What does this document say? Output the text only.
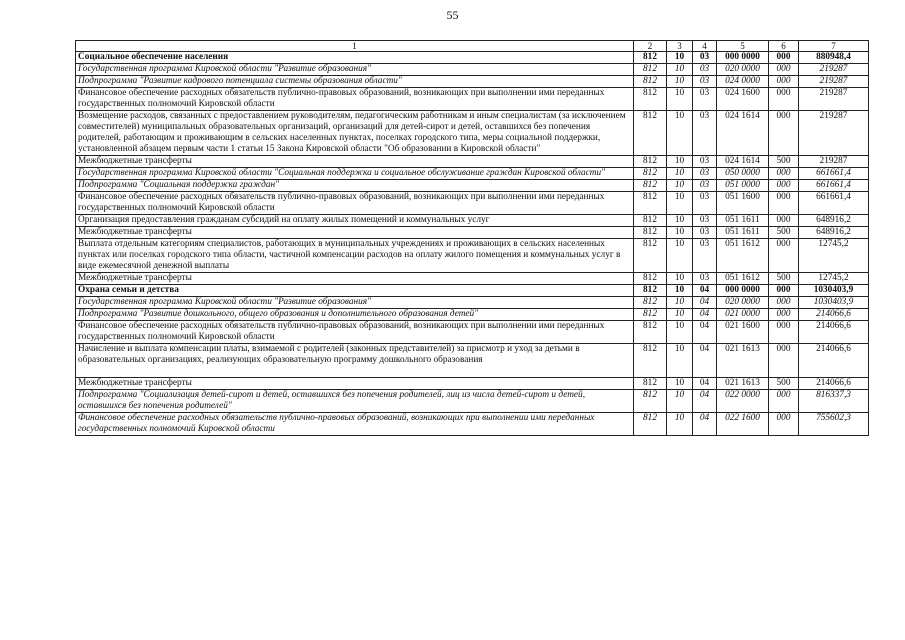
55
1	2	3	4	5	6	7
Социальное обеспечение населения	812	10	03	000 0000	000	880948,4
Государственная программа Кировской области "Развитие образования"	812	10	03	020 0000	000	219287
Подпрограмма "Развитие кадрового потенциала системы образования области"	812	10	03	024 0000	000	219287
Финансовое обеспечение расходных обязательств публично-правовых образований, возникающих при выполнении ими переданных государственных полномочий Кировской области	812	10	03	024 1600	000	219287
Возмещение расходов, связанных с предоставлением руководителям, педагогическим работникам и иным специалистам (за исключением совместителей) муниципальных образовательных организаций, организаций для детей-сирот и детей, оставшихся без попечения родителей, работающим и проживающим в сельских населенных пунктах, поселках городского типа, меры социальной поддержки, установленной абзацем первым части 1 статьи 15 Закона Кировской области "Об образовании в Кировской области"	812	10	03	024 1614	000	219287
Межбюджетные трансферты	812	10	03	024 1614	500	219287
Государственная программа Кировской области "Социальная поддержка и социальное обслуживание граждан Кировской области"	812	10	03	050 0000	000	661661,4
Подпрограмма "Социальная поддержка граждан"	812	10	03	051 0000	000	661661,4
Финансовое обеспечение расходных обязательств публично-правовых образований, возникающих при выполнении ими переданных государственных полномочий Кировской области	812	10	03	051 1600	000	661661,4
Организация предоставления гражданам субсидий на оплату жилых помещений и коммунальных услуг	812	10	03	051 1611	000	648916,2
Межбюджетные трансферты	812	10	03	051 1611	500	648916,2
Выплата отдельным категориям специалистов, работающих в муниципальных учреждениях и проживающих в сельских населенных пунктах или поселках городского типа области, частичной компенсации расходов на оплату жилого помещения и коммунальных услуг в виде ежемесячной денежной выплаты	812	10	03	051 1612	000	12745,2
Межбюджетные трансферты	812	10	03	051 1612	500	12745,2
Охрана семьи и детства	812	10	04	000 0000	000	1030403,9
Государственная программа Кировской области "Развитие образования"	812	10	04	020 0000	000	1030403,9
Подпрограмма "Развитие дошкольного, общего образования и дополнительного образования детей"	812	10	04	021 0000	000	214066,6
Финансовое обеспечение расходных обязательств публично-правовых образований, возникающих при выполнении ими переданных государственных полномочий Кировской области	812	10	04	021 1600	000	214066,6
Начисление и выплата компенсации платы, взимаемой с родителей (законных представителей) за присмотр и уход за детьми в образовательных организациях, реализующих образовательную программу дошкольного образования	812	10	04	021 1613	000	214066,6
Межбюджетные трансферты	812	10	04	021 1613	500	214066,6
Подпрограмма "Социализация детей-сирот и детей, оставшихся без попечения родителей, лиц из числа детей-сирот и детей, оставшихся без попечения родителей"	812	10	04	022 0000	000	816337,3
Финансовое обеспечение расходных обязательств публично-правовых образований, возникающих при выполнении ими переданных государственных полномочий Кировской области	812	10	04	022 1600	000	755602,3
